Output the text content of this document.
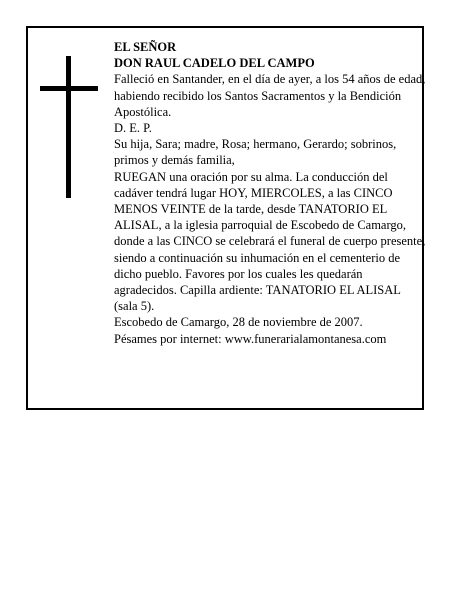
EL SEÑOR

DON RAUL CADELO DEL CAMPO

Falleció en Santander, en el día de ayer, a los 54 años de edad, habiendo recibido los Santos Sacramentos y la Bendición Apostólica.

D. E. P.

Su hija, Sara; madre, Rosa; hermano, Gerardo; sobrinos, primos y demás familia,

RUEGAN una oración por su alma. La conducción del cadáver tendrá lugar HOY, MIERCOLES, a las CINCO MENOS VEINTE de la tarde, desde TANATORIO EL ALISAL, a la iglesia parroquial de Escobedo de Camargo, donde a las CINCO se celebrará el funeral de cuerpo presente, siendo a continuación su inhumación en el cementerio de dicho pueblo. Favores por los cuales les quedarán agradecidos. Capilla ardiente: TANATORIO EL ALISAL (sala 5).

Escobedo de Camargo, 28 de noviembre de 2007.

Pésames por internet: www.funerarialamontanesa.com
